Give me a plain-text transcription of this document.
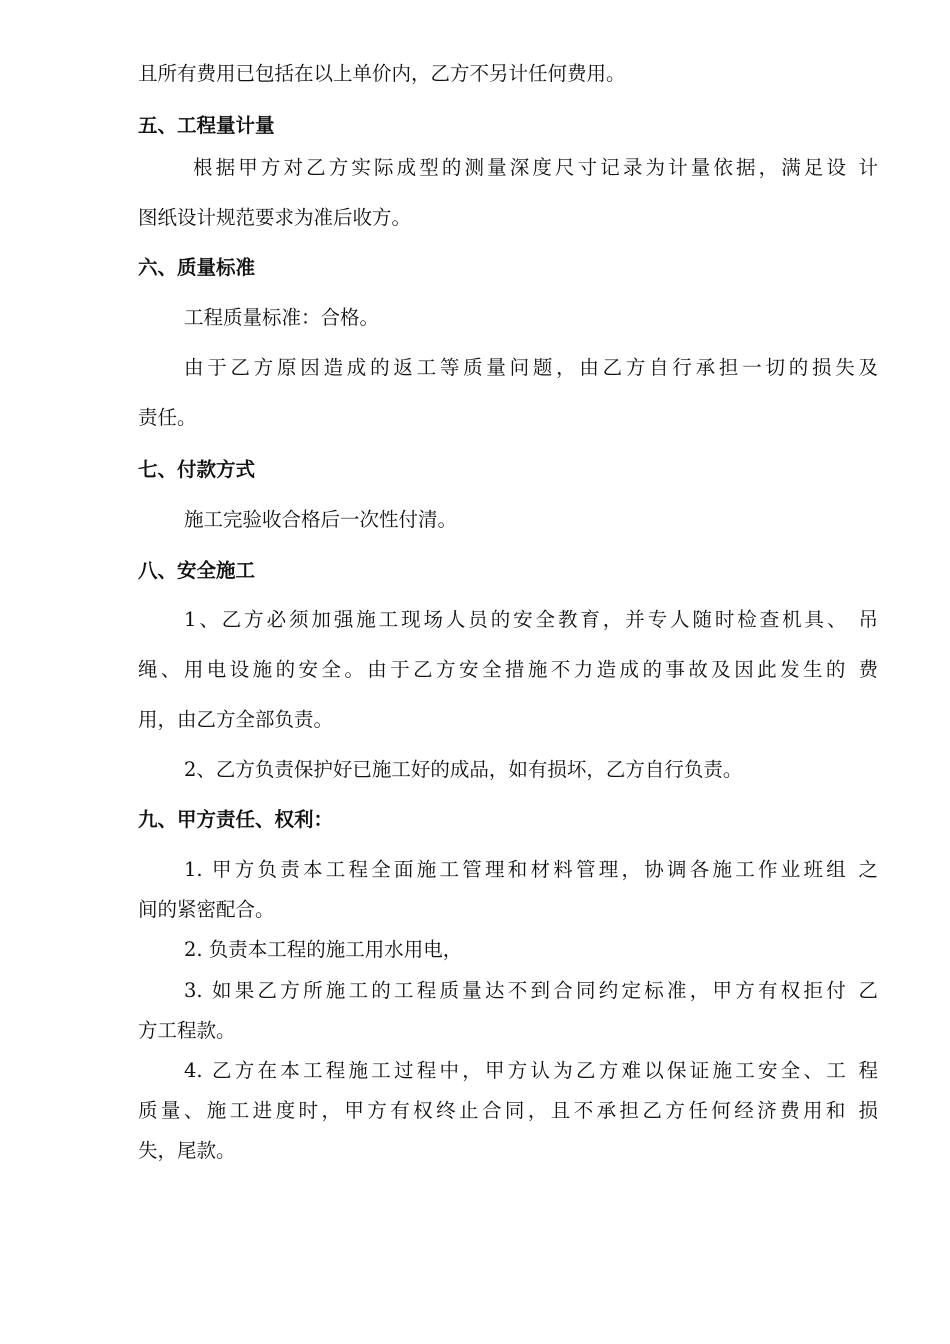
且所有费用已包括在以上单价内，乙方不另计任何费用。
五、工程量计量
根据甲方对乙方实际成型的测量深度尺寸记录为计量依据，满足设 计
图纸设计规范要求为准后收方。
六、质量标准
工程质量标准：合格。
由于乙方原因造成的返工等质量问题，由乙方自行承担一切的损失及
责任。
七、付款方式
施工完验收合格后一次性付清。
八、安全施工
1、乙方必须加强施工现场人员的安全教育，并专人随时检查机具、 吊
绳、用电设施的安全。由于乙方安全措施不力造成的事故及因此发生的 费
用，由乙方全部负责。
2、乙方负责保护好已施工好的成品，如有损坏，乙方自行负责。
九、甲方责任、权利：
1. 甲方负责本工程全面施工管理和材料管理，协调各施工作业班组 之
间的紧密配合。
2. 负责本工程的施工用水用电，
3. 如果乙方所施工的工程质量达不到合同约定标准，甲方有权拒付 乙
方工程款。
4. 乙方在本工程施工过程中，甲方认为乙方难以保证施工安全、工 程
质量、施工进度时，甲方有权终止合同，且不承担乙方任何经济费用和 损
失，尾款。
